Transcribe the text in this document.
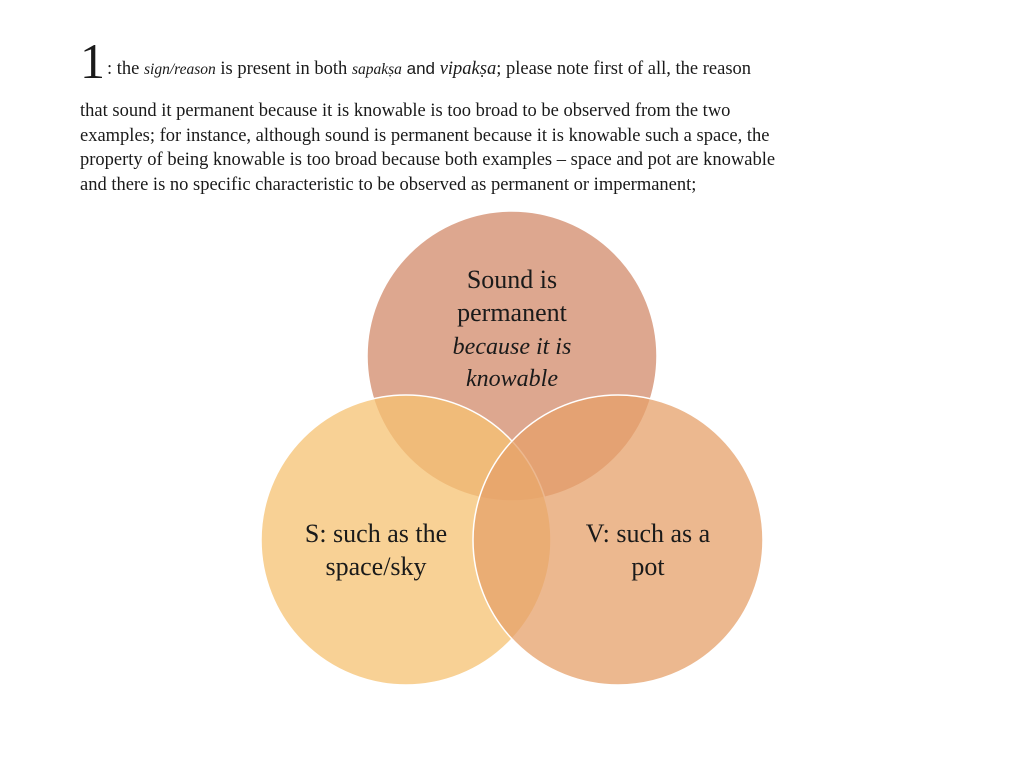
1 : the sign/reason is present in both sapakṣa and vipakṣa; please note first of all, the reason
that sound it permanent because it is knowable is too broad to be observed from the two
examples; for instance, although sound is permanent because it is knowable such a space, the
property of being knowable is too broad because both examples – space and pot are knowable
and there is no specific characteristic to be observed as permanent or impermanent;
Sound is
permanent
because it is
knowable
S: such as the
space/sky
V: such as a
pot
